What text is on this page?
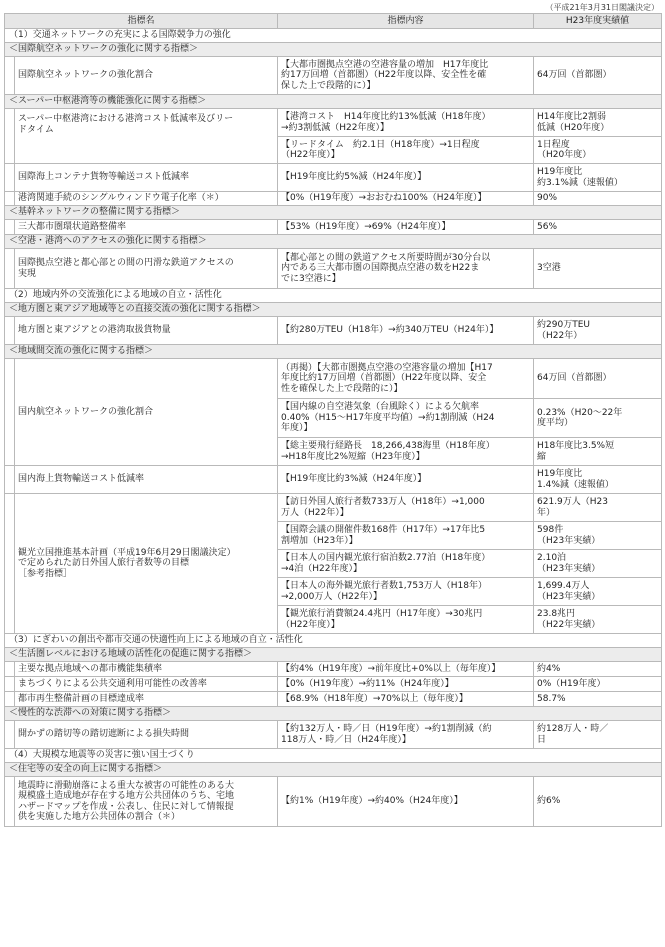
（平成21年3月31日閣議決定）
指標名		指標内容	H23年度実績値
（1）交通ネットワークの充実による国際競争力の強化			
＜国際航空ネットワークの強化に関する指標＞			
	国際航空ネットワークの強化割合	【大都市圏拠点空港の空港容量の増加　H17年度比
約17万回増（首都圏）（H22年度以降、安全性を確
保した上で段階的に）】	64万回（首都圏）
＜スーパー中枢港湾等の機能強化に関する指標＞			

	スーパー中枢港湾における港湾コスト低減率及びリー
ドタイム	【港湾コスト　H14年度比約13%低減（H18年度）
→約3割低減（H22年度）】	H14年度比2割弱
低減（H20年度）

		【リードタイム　約2.1日（H18年度）→1日程度
（H22年度）】	1日程度
（H20年度）

	国際海上コンテナ貨物等輸送コスト低減率	【H19年度比約5%減（H24年度）】	H19年度比
約3.1%減（速報値）

	港湾関連手続のシングルウィンドウ電子化率（＊）	【0%（H19年度）→おおむね100%（H24年度）】	90%
＜基幹ネットワークの整備に関する指標＞			
	三大都市圏環状道路整備率	【53%（H19年度）→69%（H24年度）】	56%
＜空港・港湾へのアクセスの強化に関する指標＞			

	国際拠点空港と都心部との間の円滑な鉄道アクセスの
実現	【都心部との間の鉄道アクセス所要時間が30分台以
内である三大都市圏の国際拠点空港の数をH22ま
でに3空港に】	3空港
（2）地域内外の交流強化による地域の自立・活性化			
＜地方圏と東アジア地域等との直接交流の強化に関する指標＞			
	地方圏と東アジアとの港湾取扱貨物量	【約280万TEU（H18年）→約340万TEU（H24年）】	約290万TEU
（H22年）

＜地域間交流の強化に関する指標＞			
	国内航空ネットワークの強化割合	（再掲）【大都市圏拠点空港の空港容量の増加【H17
年度比約17万回増（首都圏）（H22年度以降、安全
性を確保した上で段階的に）】	64万回（首都圏）

		【国内線の自空港気象（台風除く）による欠航率
0.40%（H15～H17年度平均値）→約1割削減（H24
年度）】	0.23%（H20～22年
度平均）

		【総主要飛行経路長　18,266,438海里（H18年度）
→H18年度比2%短縮（H23年度）】	H18年度比3.5%短
縮

	国内海上貨物輸送コスト低減率	【H19年度比約3%減（H24年度）】	H19年度比
1.4%減（速報値）

	観光立国推進基本計画（平成19年6月29日閣議決定）
で定められた訪日外国人旅行者数等の目標
［参考指標］	【訪日外国人旅行者数733万人（H18年）→1,000
万人（H22年）】	621.9万人（H23
年）

		【国際会議の開催件数168件（H17年）→17年比5
割増加（H23年）】	598件
（H23年実績）

		【日本人の国内観光旅行宿泊数2.77泊（H18年度）
→4泊（H22年度）】	2.10泊
（H23年実績）

		【日本人の海外観光旅行者数1,753万人（H18年）
→2,000万人（H22年）】	1,699.4万人
（H23年実績）

		【観光旅行消費額24.4兆円（H17年度）→30兆円
（H22年度）】	23.8兆円
（H22年実績）

（3）にぎわいの創出や都市交通の快適性向上による地域の自立・活性化			
＜生活圏レベルにおける地域の活性化の促進に関する指標＞			
	主要な拠点地域への都市機能集積率	【約4%（H19年度）→前年度比+0%以上（毎年度）】	約4%
	まちづくりによる公共交通利用可能性の改善率	【0%（H19年度）→約11%（H24年度）】	0%（H19年度）
	都市再生整備計画の目標達成率	【68.9%（H18年度）→70%以上（毎年度）】	58.7%
＜慢性的な渋滞への対策に関する指標＞			
	開かずの踏切等の踏切遮断による損失時間	【約132万人・時／日（H19年度）→約1割削減（約
118万人・時／日（H24年度）】	約128万人・時／
日

（4）大規模な地震等の災害に強い国土づくり			
＜住宅等の安全の向上に関する指標＞			

	地震時に滑動崩落による重大な被害の可能性のある大
規模盛土造成地が存在する地方公共団体のうち、宅地
ハザードマップを作成・公表し、住民に対して情報提
供を実施した地方公共団体の割合（＊）	【約1%（H19年度）→約40%（H24年度）】	約6%
